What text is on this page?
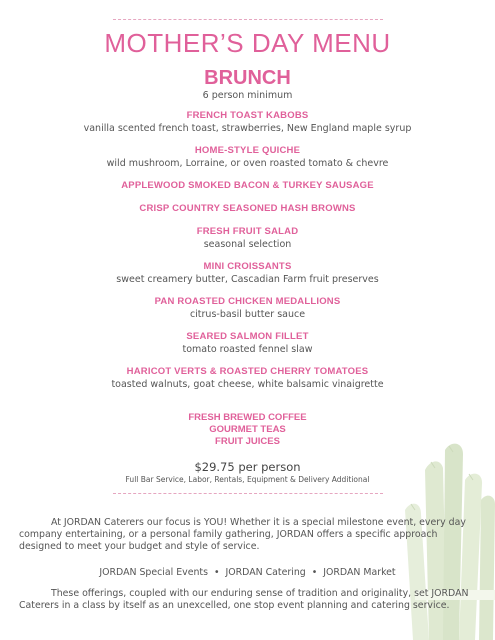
MOTHER’S DAY MENU
BRUNCH
6 person minimum
FRENCH TOAST KABOBS
vanilla scented french toast, strawberries, New England maple syrup
HOME-STYLE QUICHE
wild mushroom, Lorraine, or oven roasted tomato & chevre
APPLEWOOD SMOKED BACON & TURKEY SAUSAGE
CRISP COUNTRY SEASONED HASH BROWNS
FRESH FRUIT SALAD
seasonal selection
MINI CROISSANTS
sweet creamery butter, Cascadian Farm fruit preserves
PAN ROASTED CHICKEN MEDALLIONS
citrus-basil butter sauce
SEARED SALMON FILLET
tomato roasted fennel slaw
HARICOT VERTS & ROASTED CHERRY TOMATOES
toasted walnuts, goat cheese, white balsamic vinaigrette
FRESH BREWED COFFEE
GOURMET TEAS
FRUIT JUICES
$29.75 per person
Full Bar Service, Labor, Rentals, Equipment & Delivery Additional
At JORDAN Caterers our focus is YOU! Whether it is a special milestone event, every day company entertaining, or a personal family gathering, JORDAN offers a specific approach designed to meet your budget and style of service.
JORDAN Special Events • JORDAN Catering • JORDAN Market
These offerings, coupled with our enduring sense of tradition and originality, set JORDAN Caterers in a class by itself as an unexcelled, one stop event planning and catering service.
